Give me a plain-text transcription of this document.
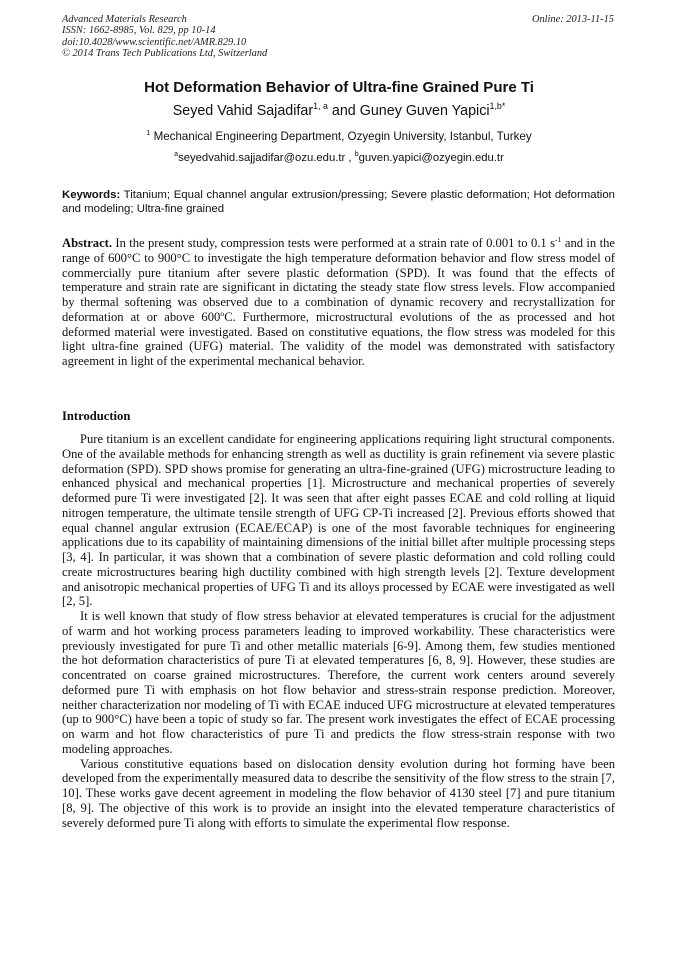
Advanced Materials Research
ISSN: 1662-8985, Vol. 829, pp 10-14
doi:10.4028/www.scientific.net/AMR.829.10
© 2014 Trans Tech Publications Ltd, Switzerland
Online: 2013-11-15
Hot Deformation Behavior of Ultra-fine Grained Pure Ti
Seyed Vahid Sajadifar$^{1, a}$ and Guney Guven Yapici$^{1,b*}$
$^1$ Mechanical Engineering Department, Ozyegin University, Istanbul, Turkey
$^a$seyedvahid.sajjadifar@ozu.edu.tr , $^b$guven.yapici@ozyegin.edu.tr
Keywords: Titanium; Equal channel angular extrusion/pressing; Severe plastic deformation; Hot deformation and modeling; Ultra-fine grained
Abstract. In the present study, compression tests were performed at a strain rate of 0.001 to 0.1 $s^{-1}$ and in the range of 600°C to 900°C to investigate the high temperature deformation behavior and flow stress model of commercially pure titanium after severe plastic deformation (SPD). It was found that the effects of temperature and strain rate are significant in dictating the steady state flow stress levels. Flow accompanied by thermal softening was observed due to a combination of dynamic recovery and recrystallization for deformation at or above 600$^o$C. Furthermore, microstructural evolutions of the as processed and hot deformed material were investigated. Based on constitutive equations, the flow stress was modeled for this light ultra-fine grained (UFG) material. The validity of the model was demonstrated with satisfactory agreement in light of the experimental mechanical behavior.
Introduction

Pure titanium is an excellent candidate for engineering applications requiring light structural components. One of the available methods for enhancing strength as well as ductility is grain refinement via severe plastic deformation (SPD). SPD shows promise for generating an ultra-fine-grained (UFG) microstructure leading to enhanced physical and mechanical properties [1]. Microstructure and mechanical properties of severely deformed pure Ti were investigated [2]. It was seen that after eight passes ECAE and cold rolling at liquid nitrogen temperature, the ultimate tensile strength of UFG CP-Ti increased [2]. Previous efforts showed that equal channel angular extrusion (ECAE/ECAP) is one of the most favorable techniques for engineering applications due to its capability of maintaining dimensions of the initial billet after multiple processing steps [3, 4]. In particular, it was shown that a combination of severe plastic deformation and cold rolling could create microstructures bearing high ductility combined with high strength levels [2]. Texture development and anisotropic mechanical properties of UFG Ti and its alloys processed by ECAE were investigated as well [2, 5].

It is well known that study of flow stress behavior at elevated temperatures is crucial for the adjustment of warm and hot working process parameters leading to improved workability. These characteristics were previously investigated for pure Ti and other metallic materials [6-9]. Among them, few studies mentioned the hot deformation characteristics of pure Ti at elevated temperatures [6, 8, 9]. However, these studies are concentrated on coarse grained microstructures. Therefore, the current work centers around severely deformed pure Ti with emphasis on hot flow behavior and stress-strain response prediction. Moreover, neither characterization nor modeling of Ti with ECAE induced UFG microstructure at elevated temperatures (up to 900°C) have been a topic of study so far. The present work investigates the effect of ECAE processing on warm and hot flow characteristics of pure Ti and predicts the flow stress-strain response with two modeling approaches.

Various constitutive equations based on dislocation density evolution during hot forming have been developed from the experimentally measured data to describe the sensitivity of the flow stress to the strain [7, 10]. These works gave decent agreement in modeling the flow behavior of 4130 steel [7] and pure titanium [8, 9]. The objective of this work is to provide an insight into the elevated temperature characteristics of severely deformed pure Ti along with efforts to simulate the experimental flow response.
